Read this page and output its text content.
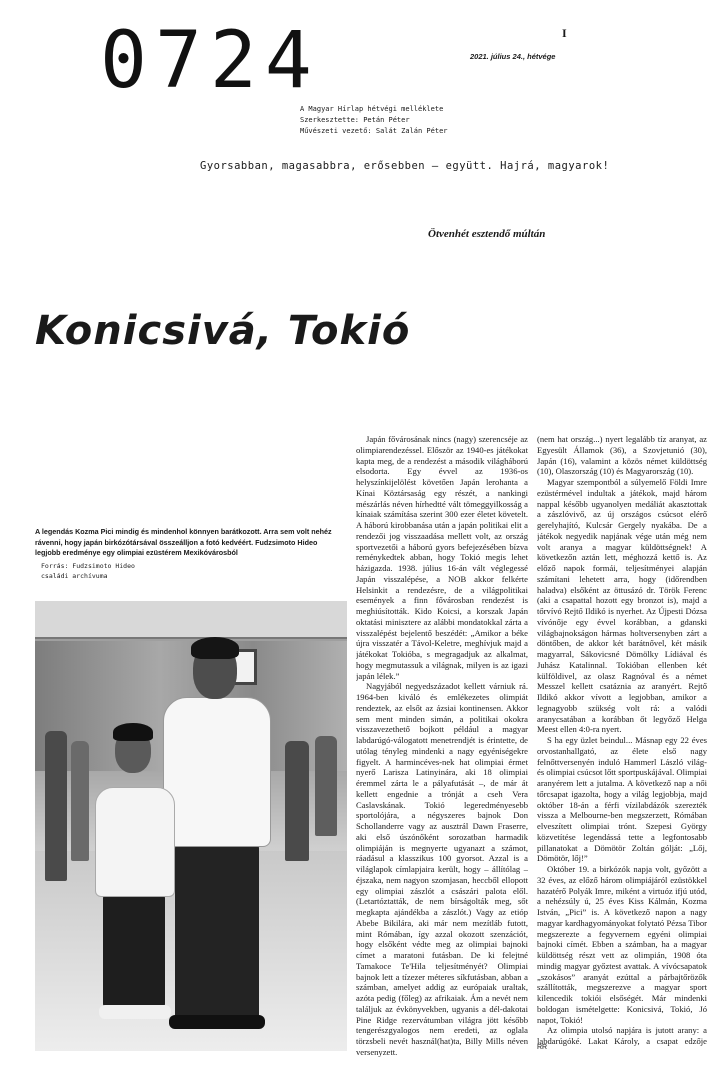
0724	I
2021. július 24., hétvége
A Magyar Hírlap hétvégi melléklete
Szerkesztette: Petán Péter
Művészeti vezető: Salát Zalán Péter
Gyorsabban, magasabbra, erősebben – együtt. Hajrá, magyarok!
Ötvenhét esztendő múltán
Konicsivá, Tokió
A legendás Kozma Pici mindig és mindenhol könnyen barátkozott. Arra sem volt nehéz rávenni, hogy japán birkózótársával összeálljon a fotó kedvéért. Fudzsimoto Hideo legjobb eredménye egy olimpiai ezüstérem Mexikóvárosból
Forrás: Fudzsimoto Hideo
családi archívuma

Japán fővárosának nincs (nagy) szerencséje az olimpiarendezéssel. Először az 1940-es játékokat kapta meg, de a rendezést a második világháború elsodorta. Egy évvel az 1936-os helyszínkijelölést követően Japán lerohanta a Kínai Köztársaság egy részét, a nankingi mészárlás néven hírhedtté vált tömeggyilkosság a kínaiak számítása szerint 300 ezer életet követelt. A háború kirobbanása után a japán politikai elit a rendezői jog visszaadása mellett volt, az ország sportvezetői a háború gyors befejezésében bízva reménykedtek abban, hogy Tokió megis lehet házigazda. 1938. július 16-án vált véglegessé Japán visszalépése, a NOB akkor felkérte Helsinkit a rendezésre, de a világpolitikai események a finn fővárosban rendezést is meghiúsították. Kido Koicsi, a korszak Japán oktatási minisztere az alábbi mondatokkal zárta a visszalépést bejelentő beszédét: „Amikor a béke újra visszatér a Távol-Keletre, meghívjuk majd a játékokat Tokióba, s megragadjuk az alkalmat, hogy megmutassuk a világnak, milyen is az igazi japán lélek.”

Nagyjából negyedszázadot kellett várniuk rá. 1964-ben kiváló és emlékezetes olimpiát rendeztek, az elsőt az ázsiai kontinensen. Akkor sem ment minden simán, a politikai okokra visszavezethető bojkott például a magyar labdarúgó-válogatott menetrendjét is érintette, de utólag tényleg mindenki a nagy egyéniségekre figyelt. A harmincéves-nek hat olimpiai érmet nyerő Larisza Latinyinára, aki 18 olimpiai éremmel zárta le a pályafutását –, de már át kellett engednie a trónját a cseh Vera Caslavskának. Tokió legeredményesebb sportolójára, a négyszeres bajnok Don Schollanderre vagy az ausztrál Dawn Fraserre, aki első úszónőként sorozatban harmadik olimpiáján is megnyerte ugyanazt a számot, ráadásul a klasszikus 100 gyorsot. Azzal is a világlapok címlapjaira került, hogy – állítólag – éjszaka, nem nagyon szomjasan, heccből ellopott egy olimpiai zászlót a császári palota elől. (Letartóztatták, de nem bírságolták meg, sőt megkapta ajándékba a zászlót.) Vagy az etióp Abebe Bikilára, aki már nem mezítláb futott, mint Rómában, így azzal okozott szenzációt, hogy elsőként védte meg az olimpiai bajnoki címet a maratoni futásban. De ki felejtné Tamakoce Te'Hila teljesítményét? Olimpiai bajnok lett a tízezer méteres síkfutásban, abban a számban, amelyet addig az európaiak uraltak, azóta pedig (főleg) az afrikaiak. Ám a nevét nem találjuk az évkönyvekben, ugyanis a dél-dakotai Pine Ridge rezervátumban világra jött később tengerészgyalogos nem eredeti, az oglala törzsbeli nevét használ(hat)ta, Billy Mills néven versenyzett.

(nem hat ország...) nyert legalább tíz aranyat, az Egyesült Államok (36), a Szovjetunió (30), Japán (16), valamint a közös német küldöttség (10), Olaszország (10) és Magyarország (10).

Magyar szempontból a súlyemelő Földi Imre ezüstérmével indultak a játékok, majd három nappal később ugyanolyen medáliát akasztottak a zászlóvivő, az új országos csúcsot elérő gerelyhajító, Kulcsár Gergely nyakába. De a játékok negyedik napjának vége után még nem volt aranya a magyar küldöttségnek! A következőn aztán lett, méghozzá kettő is. Az előző napok formái, teljesítményei alapján számítani lehetett arra, hogy (időrendben haladva) elsőként az öttusázó dr. Török Ferenc (aki a csapattal hozott egy bronzot is), majd a tőrvívó Rejtő Ildikó is nyerhet. Az Újpesti Dózsa vívónője egy évvel korábban, a gdanski világbajnokságon hármas holtversenyben zárt a döntőben, de akkor két barátnővel, két másik magyarral, Sákovicsné Dömölky Lídiával és Juhász Katalinnal. Tokióban ellenben két külföldivel, az olasz Ragnóval és a német Messzel kellett csatáznia az aranyért. Rejtő Ildikó akkor vívott a legjobban, amikor a legnagyobb szükség volt rá: a valódi aranycsatában a korábban őt legyőző Helga Meest ellen 4:0-ra nyert.

S ha egy üzlet beindul... Másnap egy 22 éves orvostanhallgató, az élete első nagy felnőttversenyén induló Hammerl László világ- és olimpiai csúcsot lőtt sportpuskájával. Olimpiai aranyérem lett a jutalma. A következő nap a női tőrcsapat igazolta, hogy a világ legjobbja, majd október 18-án a férfi vízilabdázók szerezték vissza a Melbourne-ben megszerzett, Rómában elveszített olimpiai trónt. Szepesi György közvetítése legendássá tette a legfontosabb pillanatokat a Dömötör Zoltán gólját: „Lőj, Dömötör, lőj!”

Október 19. a birkózók napja volt, győzött a 32 éves, az előző három olimpiájáról ezüstökkel hazatérő Polyák Imre, miként a virtuóz ifjú utód, a nehézsúly ú, 25 éves Kiss Kálmán, Kozma István, „Pici” is. A következő napon a nagy magyar kardhagyományokat folytató Pézsa Tibor megszerezte a fegyvernem egyéni olimpiai bajnoki címét. Ebben a számban, ha a magyar küldöttség részt vett az olimpián, 1908 óta mindig magyar győztest avattak. A vívócsapatok „szokásos” aranyát ezúttal a párbajtőrözők szállították, megszerezve a magyar sport kilencedik tokiói elsőségét. Már mindenki boldogan ismételgette: Konicsivá, Tokió, Jó napot, Tokió!

Az olimpia utolsó napjára is jutott arany: a labdarúgóké. Lakat Károly, a csapat edzője

RR
